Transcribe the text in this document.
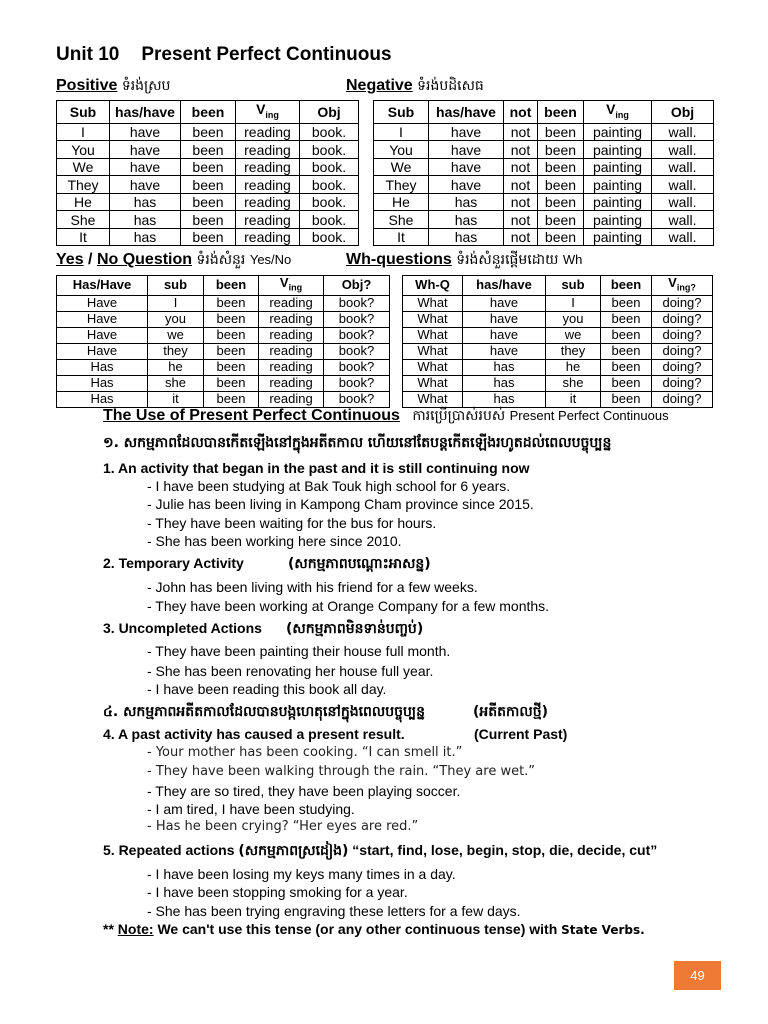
Unit 10 Present Perfect Continuous
Positive ទំរង់ស្រប	Negative ទំរង់បដិសេធ
Sub	has/have	been	$V_{ing}$	Obj
I	have	been	reading	book.
You	have	been	reading	book.
We	have	been	reading	book.
They	have	been	reading	book.
He	has	been	reading	book.
She	has	been	reading	book.
It	has	been	reading	book.
Sub	has/have	not	been	$V_{ing}$	Obj
I	have	not	been	painting	wall.
You	have	not	been	painting	wall.
We	have	not	been	painting	wall.
They	have	not	been	painting	wall.
He	has	not	been	painting	wall.
She	has	not	been	painting	wall.
It	has	not	been	painting	wall.
Yes / No Question ទំរង់សំនួរ Yes/No	Wh-questions ទំរង់សំនួរផ្តើមដោយ Wh
Has/Have	sub	been	$V_{ing}$	Obj?
Have	I	been	reading	book?
Have	you	been	reading	book?
Have	we	been	reading	book?
Have	they	been	reading	book?
Has	he	been	reading	book?
Has	she	been	reading	book?
Has	it	been	reading	book?
Wh-Q	has/have	sub	been	$V_{ing?}$
What	have	I	been	doing?
What	have	you	been	doing?
What	have	we	been	doing?
What	have	they	been	doing?
What	has	he	been	doing?
What	has	she	been	doing?
What	has	it	been	doing?
The Use of Present Perfect Continuous ការប្រើប្រាស់របស់ Present Perfect Continuous
១. សកម្មភាពដែលបានកើតឡើងនៅក្នុងអតីតកាល ហើយនៅតែបន្តកើតឡើងរហូតដល់ពេលបច្ចុប្បន្ន
1. An activity that began in the past and it is still continuing now
- I have been studying at Bak Touk high school for 6 years.
- Julie has been living in Kampong Cham province since 2015.
- They have been waiting for the bus for hours.
- She has been working here since 2010.
2. Temporary Activity	(សកម្មភាពបណ្តោះអាសន្ន)
- John has been living with his friend for a few weeks.
- They have been working at Orange Company for a few months.
3. Uncompleted Actions (សកម្មភាពមិនទាន់បញ្ចប់)
- They have been painting their house full month.
- She has been renovating her house full year.
- I have been reading this book all day.
៤. សកម្មភាពអតីតកាលដែលបានបង្កហេតុនៅក្នុងពេលបច្ចុប្បន្ន	(អតីតកាលថ្មី)
4. A past activity has caused a present result.	(Current Past)
- Your mother has been cooking. “I can smell it.”
- They have been walking through the rain. “They are wet.”
- They are so tired, they have been playing soccer.
- I am tired, I have been studying.
- Has he been crying? “Her eyes are red.”
5. Repeated actions (សកម្មភាពស្រដៀង) “start, find, lose, begin, stop, die, decide, cut”
- I have been losing my keys many times in a day.
- I have been stopping smoking for a year.
- She has been trying engraving these letters for a few days.
** Note: We can't use this tense (or any other continuous tense) with State Verbs.
49
